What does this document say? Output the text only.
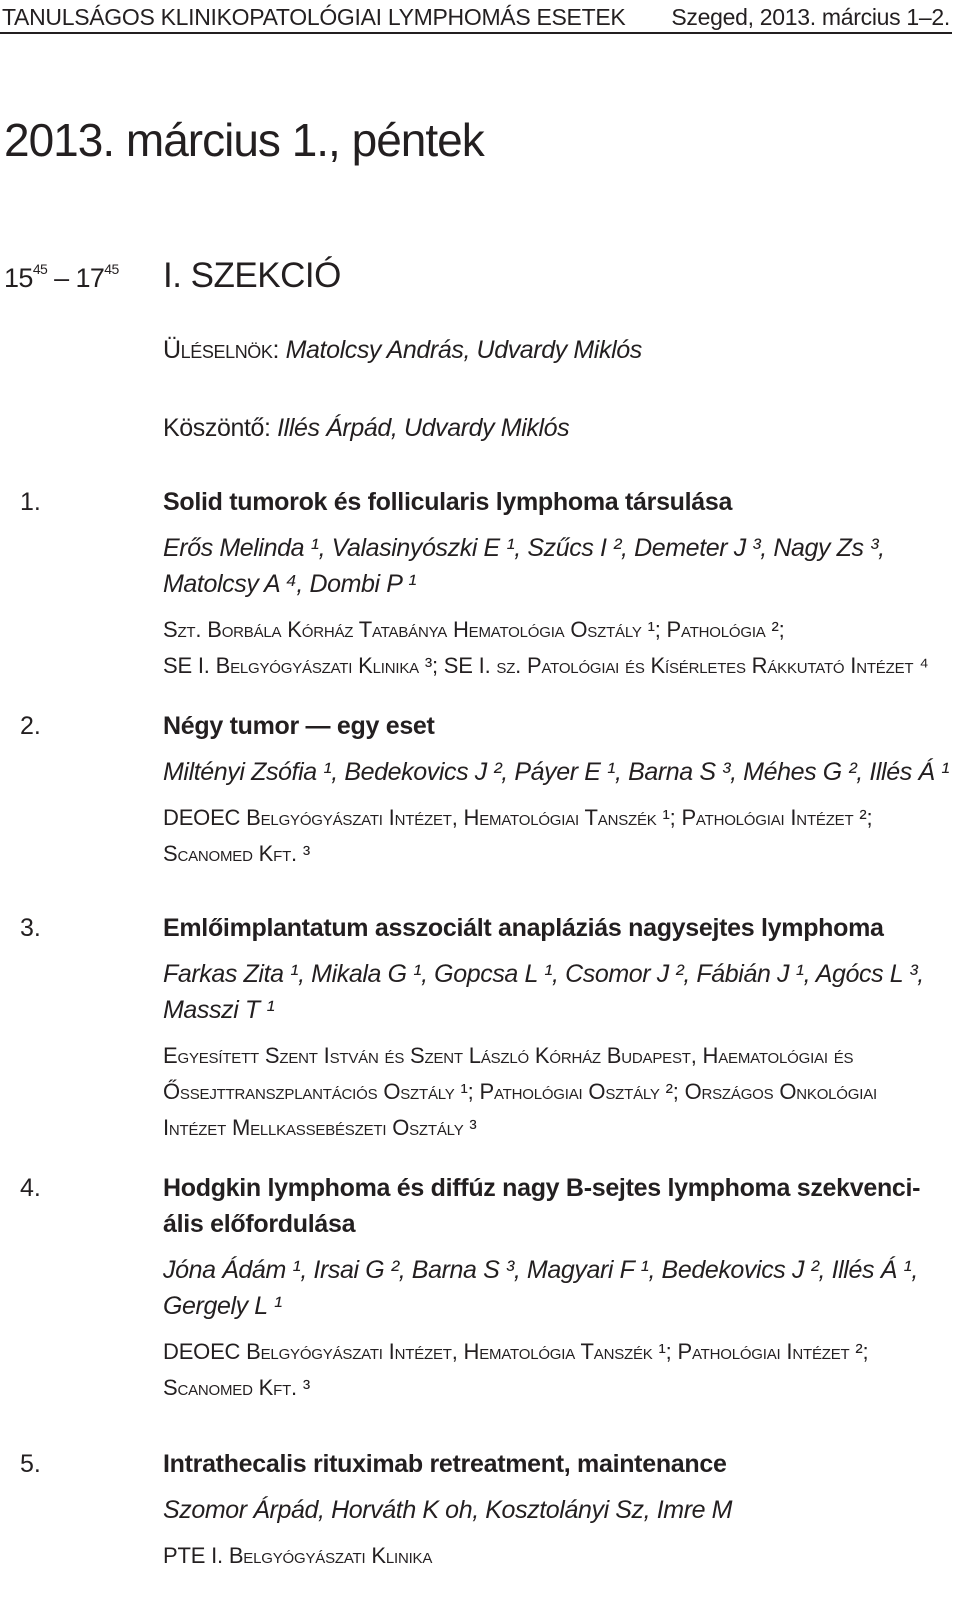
TANULSÁGOS KLINIKOPATOLÓGIAI LYMPHOMÁS ESETEK Szeged, 2013. március 1–2.
2013. március 1., péntek
$15^{45} - 17^{45}$ I. SZEKCIÓ
Üléselnök: Matolcsy András, Udvardy Miklós
Köszöntő: Illés Árpád, Udvardy Miklós
1.	Solid tumorok és follicularis lymphoma társulása
Erős Melinda ¹, Valasinyószki E ¹, Szűcs I ², Demeter J ³, Nagy Zs ³,
Matolcsy A ⁴, Dombi P ¹
Szt. Borbála Kórház Tatabánya Hematológia Osztály ¹; Pathológia ²;
SE I. Belgyógyászati Klinika ³; SE I. sz. Patológiai és Kísérletes Rákkutató Intézet ⁴
2.	Négy tumor — egy eset
Miltényi Zsófia ¹, Bedekovics J ², Páyer E ¹, Barna S ³, Méhes G ², Illés Á ¹
DEOEC Belgyógyászati Intézet, Hematológiai Tanszék ¹; Pathológiai Intézet ²;
Scanomed Kft. ³
3.	Emlőimplantatum asszociált anapláziás nagysejtes lymphoma
Farkas Zita ¹, Mikala G ¹, Gopcsa L ¹, Csomor J ², Fábián J ¹, Agócs L ³,
Masszi T ¹
Egyesített Szent István és Szent László Kórház Budapest, Haematológiai és
Őssejttranszplantációs Osztály ¹; Pathológiai Osztály ²; Országos Onkológiai
Intézet Mellkassebészeti Osztály ³
4.	Hodgkin lymphoma és diffúz nagy B-sejtes lymphoma szekvenci-
ális előfordulása
Jóna Ádám ¹, Irsai G ², Barna S ³, Magyari F ¹, Bedekovics J ², Illés Á ¹,
Gergely L ¹
DEOEC Belgyógyászati Intézet, Hematológia Tanszék ¹; Pathológiai Intézet ²;
Scanomed Kft. ³
5.	Intrathecalis rituximab retreatment, maintenance
Szomor Árpád, Horváth K oh, Kosztolányi Sz, Imre M
PTE I. Belgyógyászati Klinika
